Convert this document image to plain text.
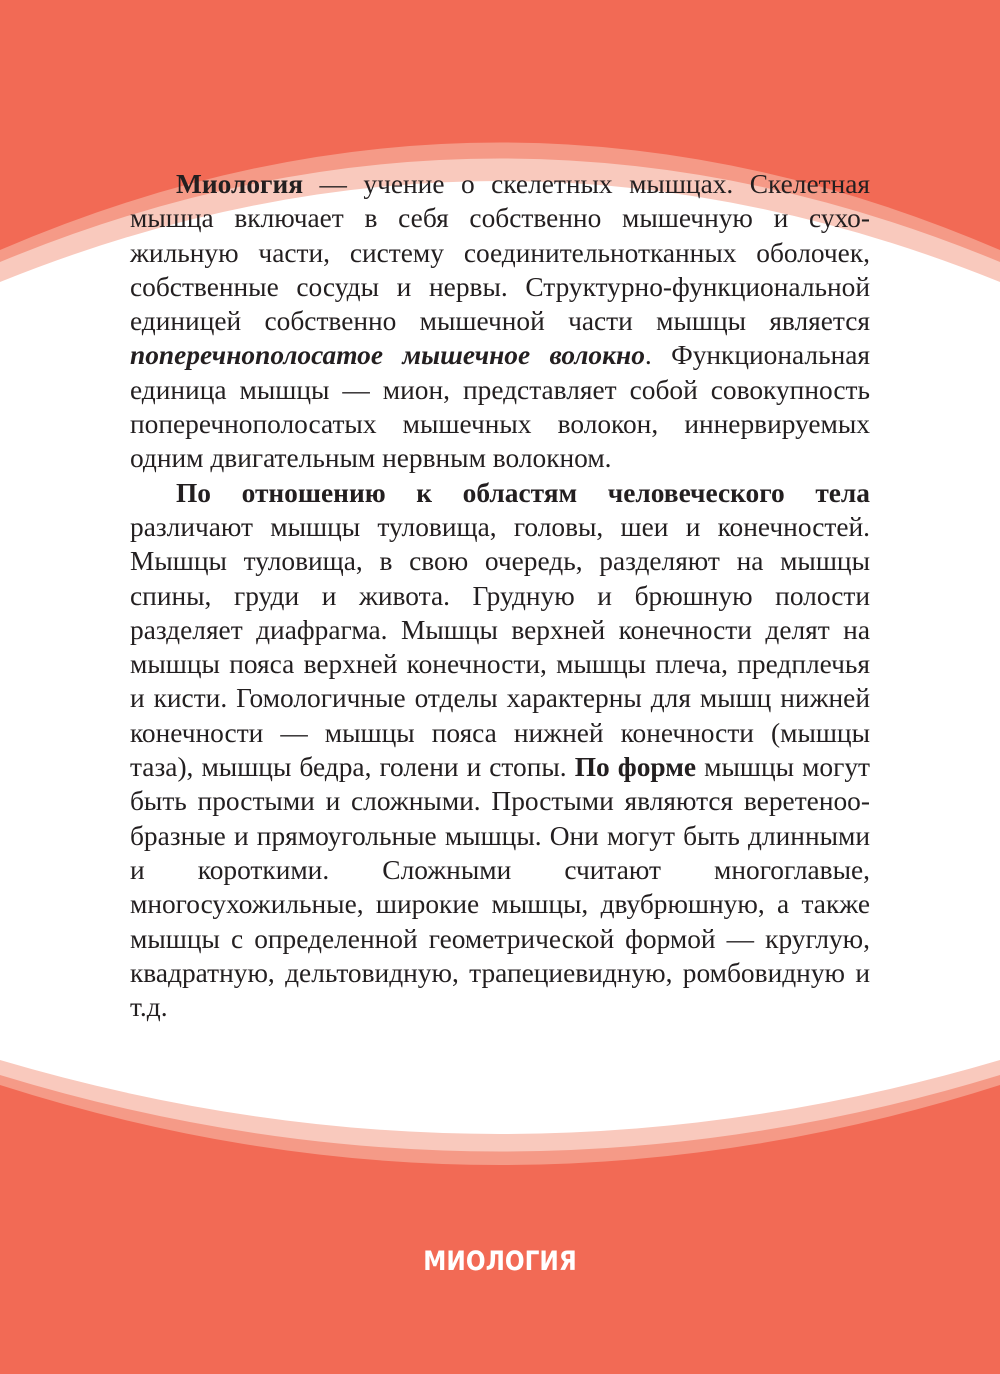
Миология — учение о скелетных мышцах. Скелетная мышца включает в себя собственно мышечную и сухожильную части, систему соединительнотканных оболочек, собственные сосуды и нервы. Структурно-функциональной единицей собственно мышечной части мышцы является поперечнополосатое мышечное волокно. Функциональная единица мышцы — мион, представляет собой совокупность поперечнополосатых мышечных волокон, иннервируемых одним двигательным нервным волокном.

По отношению к областям человеческого тела различают мышцы туловища, головы, шеи и конечностей. Мышцы туловища, в свою очередь, разделяют на мышцы спины, груди и живота. Грудную и брюшную полости разделяет диафрагма. Мышцы верхней конечности делят на мышцы пояса верхней конечности, мышцы плеча, предплечья и кисти. Гомологичные отделы характерны для мышц нижней конечности — мышцы пояса нижней конечности (мышцы таза), мышцы бедра, голени и стопы. По форме мышцы могут быть простыми и сложными. Простыми являются веретенообразные и прямоугольные мышцы. Они могут быть длинными и короткими. Сложными считают многоглавые, многосухожильные, широкие мышцы, двубрюшную, а также мышцы с определенной геометрической формой — круглую, квадратную, дельтовидную, трапециевидную, ромбовидную и т.д.

МИОЛОГИЯ
